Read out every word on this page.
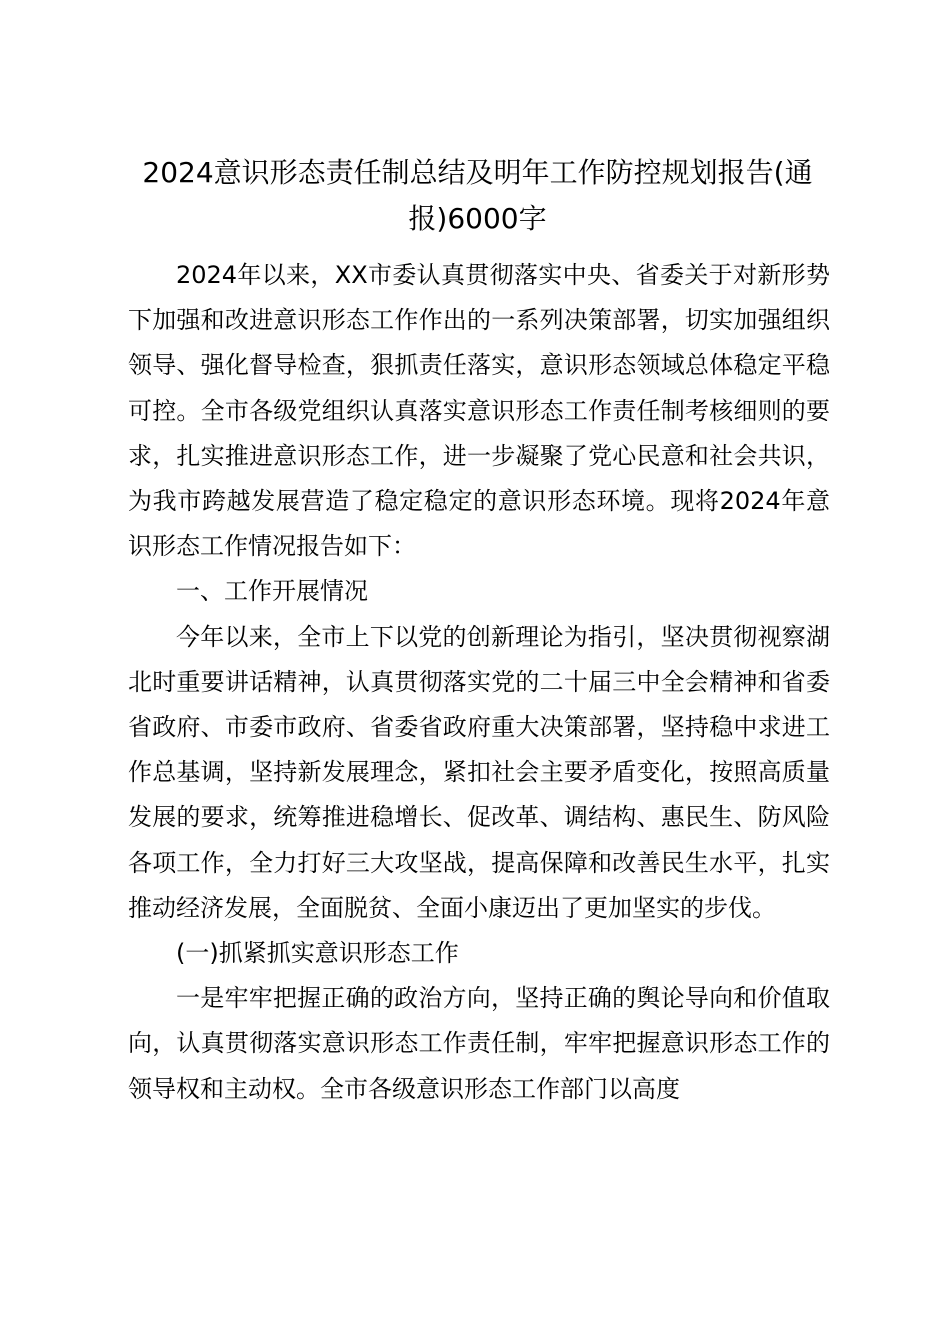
2024意识形态责任制总结及明年工作防控规划报告(通报)6000字

2024年以来，XX市委认真贯彻落实中央、省委关于对新形势下加强和改进意识形态工作作出的一系列决策部署，切实加强组织领导、强化督导检查，狠抓责任落实，意识形态领域总体稳定平稳可控。全市各级党组织认真落实意识形态工作责任制考核细则的要求，扎实推进意识形态工作，进一步凝聚了党心民意和社会共识，为我市跨越发展营造了稳定稳定的意识形态环境。现将2024年意识形态工作情况报告如下：

一、工作开展情况

今年以来，全市上下以党的创新理论为指引，坚决贯彻视察湖北时重要讲话精神，认真贯彻落实党的二十届三中全会精神和省委省政府、市委市政府、省委省政府重大决策部署，坚持稳中求进工作总基调，坚持新发展理念，紧扣社会主要矛盾变化，按照高质量发展的要求，统筹推进稳增长、促改革、调结构、惠民生、防风险各项工作，全力打好三大攻坚战，提高保障和改善民生水平，扎实推动经济发展，全面脱贫、全面小康迈出了更加坚实的步伐。

(一)抓紧抓实意识形态工作

一是牢牢把握正确的政治方向，坚持正确的舆论导向和价值取向，认真贯彻落实意识形态工作责任制，牢牢把握意识形态工作的领导权和主动权。全市各级意识形态工作部门以高度
